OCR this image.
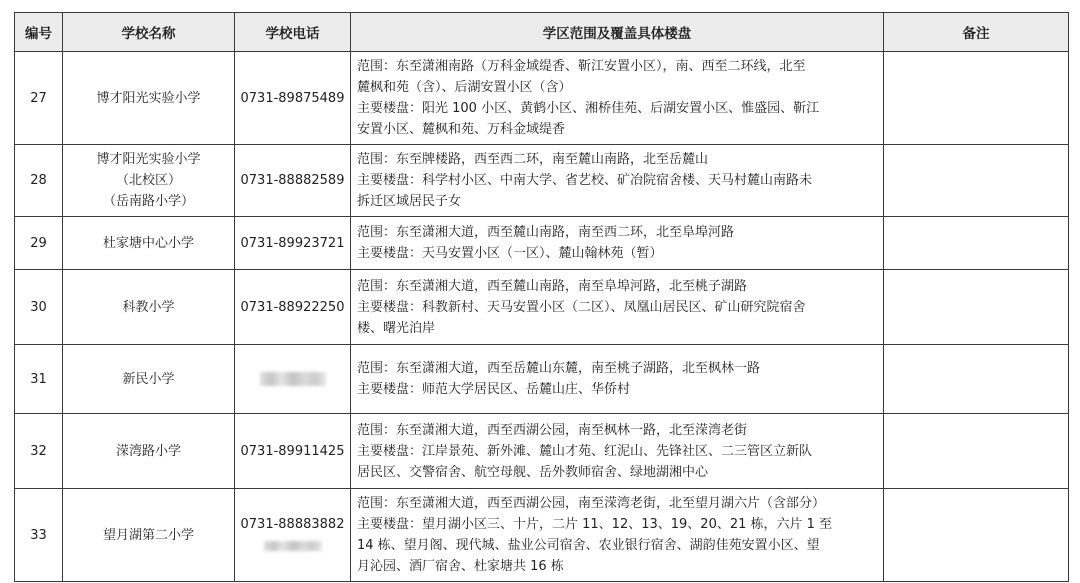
编号	学校名称	学校电话	学区范围及覆盖具体楼盘	备注
27	博才阳光实验小学	0731-89875489	范围：东至潇湘南路（万科金域缇香、靳江安置小区），南、西至二环线，北至
麓枫和苑（含）、后湖安置小区（含）
主要楼盘：阳光 100 小区、黄鹤小区、湘桥佳苑、后湖安置小区、惟盛园、靳江
安置小区、麓枫和苑、万科金域缇香	

28	博才阳光实验小学
（北校区）
（岳南路小学）	0731-88882589	范围：东至牌楼路，西至西二环，南至麓山南路，北至岳麓山
主要楼盘：科学村小区、中南大学、省艺校、矿冶院宿舍楼、天马村麓山南路未
拆迁区域居民子女	

29	杜家塘中心小学	0731-89923721	范围：东至潇湘大道，西至麓山南路，南至西二环，北至阜埠河路
主要楼盘：天马安置小区（一区）、麓山翰林苑（暂）	

30	科教小学	0731-88922250	范围：东至潇湘大道，西至麓山南路，南至阜埠河路，北至桃子湖路
主要楼盘：科教新村、天马安置小区（二区）、凤凰山居民区、矿山研究院宿舍
楼、曙光泊岸	

31	新民小学		范围：东至潇湘大道，西至岳麓山东麓，南至桃子湖路，北至枫林一路
主要楼盘：师范大学居民区、岳麓山庄、华侨村	

32	溁湾路小学	0731-89911425	范围：东至潇湘大道，西至西湖公园，南至枫林一路，北至溁湾老街
主要楼盘：江岸景苑、新外滩、麓山才苑、红泥山、先锋社区、二三管区立新队
居民区、交警宿舍、航空母舰、岳外教师宿舍、绿地湖湘中心	

33	望月湖第二小学	0731-88883882	范围：东至潇湘大道，西至西湖公园，南至溁湾老街，北至望月湖六片（含部分）
主要楼盘：望月湖小区三、十片，二片 11、12、13、19、20、21 栋，六片 1 至
14 栋、望月阁、现代城、盐业公司宿舍、农业银行宿舍、湖韵佳苑安置小区、望
月沁园、酒厂宿舍、杜家塘共 16 栋	
